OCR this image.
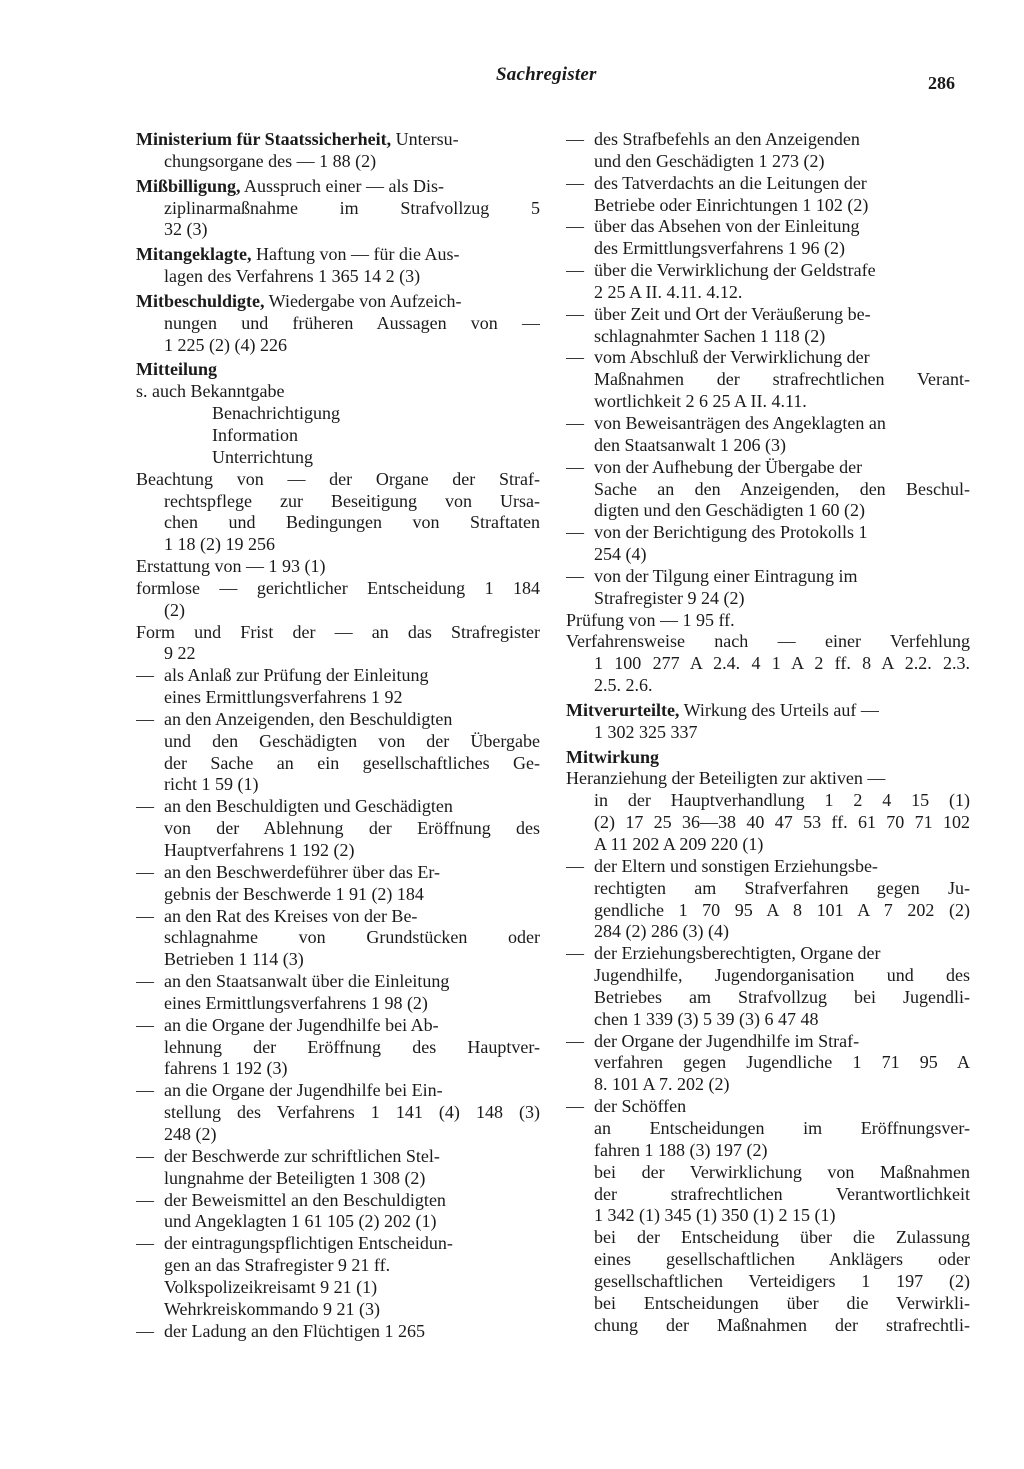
Sachregister	286
Ministerium für Staatssicherheit, Untersu-
chungsorgane des — 1 88 (2)
Mißbilligung, Ausspruch einer — als Dis-
ziplinarmaßnahme im Strafvollzug 5
32 (3)
Mitangeklagte, Haftung von — für die Aus-
lagen des Verfahrens 1 365 14 2 (3)
Mitbeschuldigte, Wiedergabe von Aufzeich-
nungen und früheren Aussagen von —
1 225 (2) (4) 226
Mitteilung
s. auch Bekanntgabe
Benachrichtigung
Information
Unterrichtung
Beachtung von — der Organe der Straf-
rechtspflege zur Beseitigung von Ursa-
chen und Bedingungen von Straftaten
1 18 (2) 19 256
Erstattung von — 1 93 (1)
formlose — gerichtlicher Entscheidung 1 184
(2)
Form und Frist der — an das Strafregister
9 22
— als Anlaß zur Prüfung der Einleitung
eines Ermittlungsverfahrens 1 92
— an den Anzeigenden, den Beschuldigten
und den Geschädigten von der Übergabe
der Sache an ein gesellschaftliches Ge-
richt 1 59 (1)
— an den Beschuldigten und Geschädigten
von der Ablehnung der Eröffnung des
Hauptverfahrens 1 192 (2)
— an den Beschwerdeführer über das Er-
gebnis der Beschwerde 1 91 (2) 184
— an den Rat des Kreises von der Be-
schlagnahme von Grundstücken oder
Betrieben 1 114 (3)
— an den Staatsanwalt über die Einleitung
eines Ermittlungsverfahrens 1 98 (2)
— an die Organe der Jugendhilfe bei Ab-
lehnung der Eröffnung des Hauptver-
fahrens 1 192 (3)
— an die Organe der Jugendhilfe bei Ein-
stellung des Verfahrens 1 141 (4) 148 (3)
248 (2)
— der Beschwerde zur schriftlichen Stel-
lungnahme der Beteiligten 1 308 (2)
— der Beweismittel an den Beschuldigten
und Angeklagten 1 61 105 (2) 202 (1)
— der eintragungspflichtigen Entscheidun-
gen an das Strafregister 9 21 ff.
Volkspolizeikreisamt 9 21 (1)
Wehrkreiskommando 9 21 (3)
— der Ladung an den Flüchtigen 1 265
— des Strafbefehls an den Anzeigenden
und den Geschädigten 1 273 (2)
— des Tatverdachts an die Leitungen der
Betriebe oder Einrichtungen 1 102 (2)
— über das Absehen von der Einleitung
des Ermittlungsverfahrens 1 96 (2)
— über die Verwirklichung der Geldstrafe
2 25 A II. 4.11. 4.12.
— über Zeit und Ort der Veräußerung be-
schlagnahmter Sachen 1 118 (2)
— vom Abschluß der Verwirklichung der
Maßnahmen der strafrechtlichen Verant-
wortlichkeit 2 6 25 A II. 4.11.
— von Beweisanträgen des Angeklagten an
den Staatsanwalt 1 206 (3)
— von der Aufhebung der Übergabe der
Sache an den Anzeigenden, den Beschul-
digten und den Geschädigten 1 60 (2)
— von der Berichtigung des Protokolls 1
254 (4)
— von der Tilgung einer Eintragung im
Strafregister 9 24 (2)
Prüfung von — 1 95 ff.
Verfahrensweise nach — einer Verfehlung
1 100 277 A 2.4. 4 1 A 2 ff. 8 A 2.2. 2.3.
2.5. 2.6.
Mitverurteilte, Wirkung des Urteils auf —
1 302 325 337
Mitwirkung
Heranziehung der Beteiligten zur aktiven —
in der Hauptverhandlung 1 2 4 15 (1)
(2) 17 25 36—38 40 47 53 ff. 61 70 71 102
A 11 202 A 209 220 (1)
— der Eltern und sonstigen Erziehungsbe-
rechtigten am Strafverfahren gegen Ju-
gendliche 1 70 95 A 8 101 A 7 202 (2)
284 (2) 286 (3) (4)
— der Erziehungsberechtigten, Organe der
Jugendhilfe, Jugendorganisation und des
Betriebes am Strafvollzug bei Jugendli-
chen 1 339 (3) 5 39 (3) 6 47 48
— der Organe der Jugendhilfe im Straf-
verfahren gegen Jugendliche 1 71 95 A
8. 101 A 7. 202 (2)
— der Schöffen
an Entscheidungen im Eröffnungsver-
fahren 1 188 (3) 197 (2)
bei der Verwirklichung von Maßnahmen
der strafrechtlichen Verantwortlichkeit
1 342 (1) 345 (1) 350 (1) 2 15 (1)
bei der Entscheidung über die Zulassung
eines gesellschaftlichen Anklägers oder
gesellschaftlichen Verteidigers 1 197 (2)
bei Entscheidungen über die Verwirkli-
chung der Maßnahmen der strafrechtli-
